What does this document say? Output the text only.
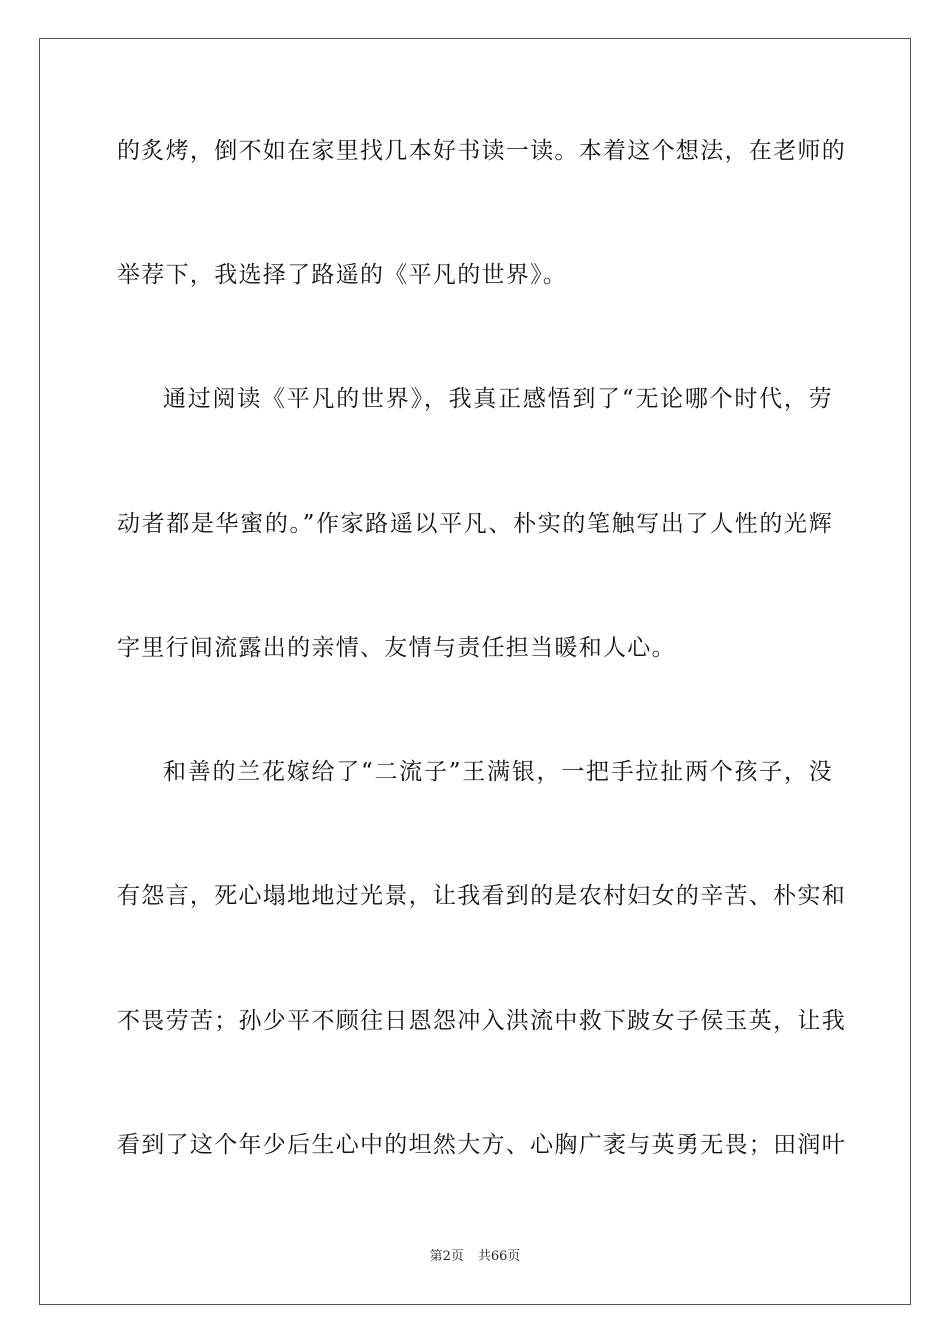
的炙烤，倒不如在家里找几本好书读一读。本着这个想法，在老师的
举荐下，我选择了路遥的《平凡的世界》。
通过阅读《平凡的世界》，我真正感悟到了“无论哪个时代，劳
动者都是华蜜的。”作家路遥以平凡、朴实的笔触写出了人性的光辉
字里行间流露出的亲情、友情与责任担当暖和人心。
和善的兰花嫁给了“二流子”王满银，一把手拉扯两个孩子，没
有怨言，死心塌地地过光景，让我看到的是农村妇女的辛苦、朴实和
不畏劳苦；孙少平不顾往日恩怨冲入洪流中救下跛女子侯玉英，让我
看到了这个年少后生心中的坦然大方、心胸广袤与英勇无畏；田润叶
第2页 共66页
